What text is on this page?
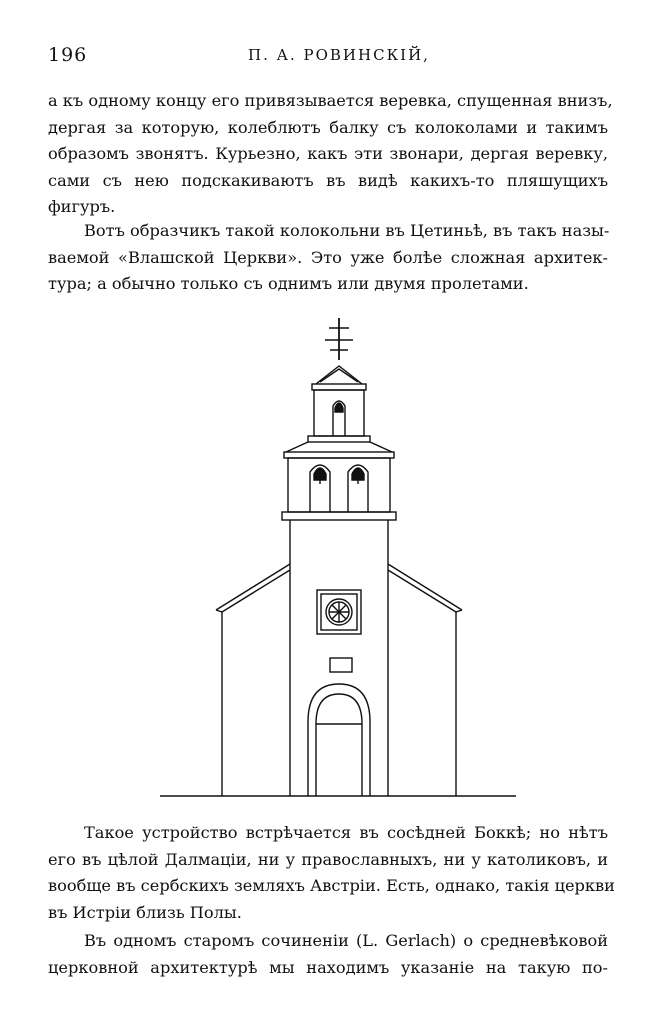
196	П. А. РОВИНСКІЙ,
а къ одному концу его привязывается веревка, спущенная внизъ,
дергая за которую, колеблютъ балку съ колоколами и такимъ
образомъ звонятъ. Курьезно, какъ эти звонари, дергая веревку,
сами съ нею подскакиваютъ въ видѣ какихъ-то пляшущихъ
фигуръ.
Вотъ образчикъ такой колокольни въ Цетиньѣ, въ такъ назы-
ваемой «Влашской Церкви». Это уже болѣе сложная архитек-
тура; а обычно только съ однимъ или двумя пролетами.
Такое устройство встрѣчается въ сосѣдней Боккѣ; но нѣтъ
его въ цѣлой Далмаціи, ни у православныхъ, ни у католиковъ, и
вообще въ сербскихъ земляхъ Австріи. Есть, однако, такія церкви
въ Истріи близь Полы.
Въ одномъ старомъ сочиненіи (L. Gerlach) о средневѣковой
церковной архитектурѣ мы находимъ указаніе на такую по-
